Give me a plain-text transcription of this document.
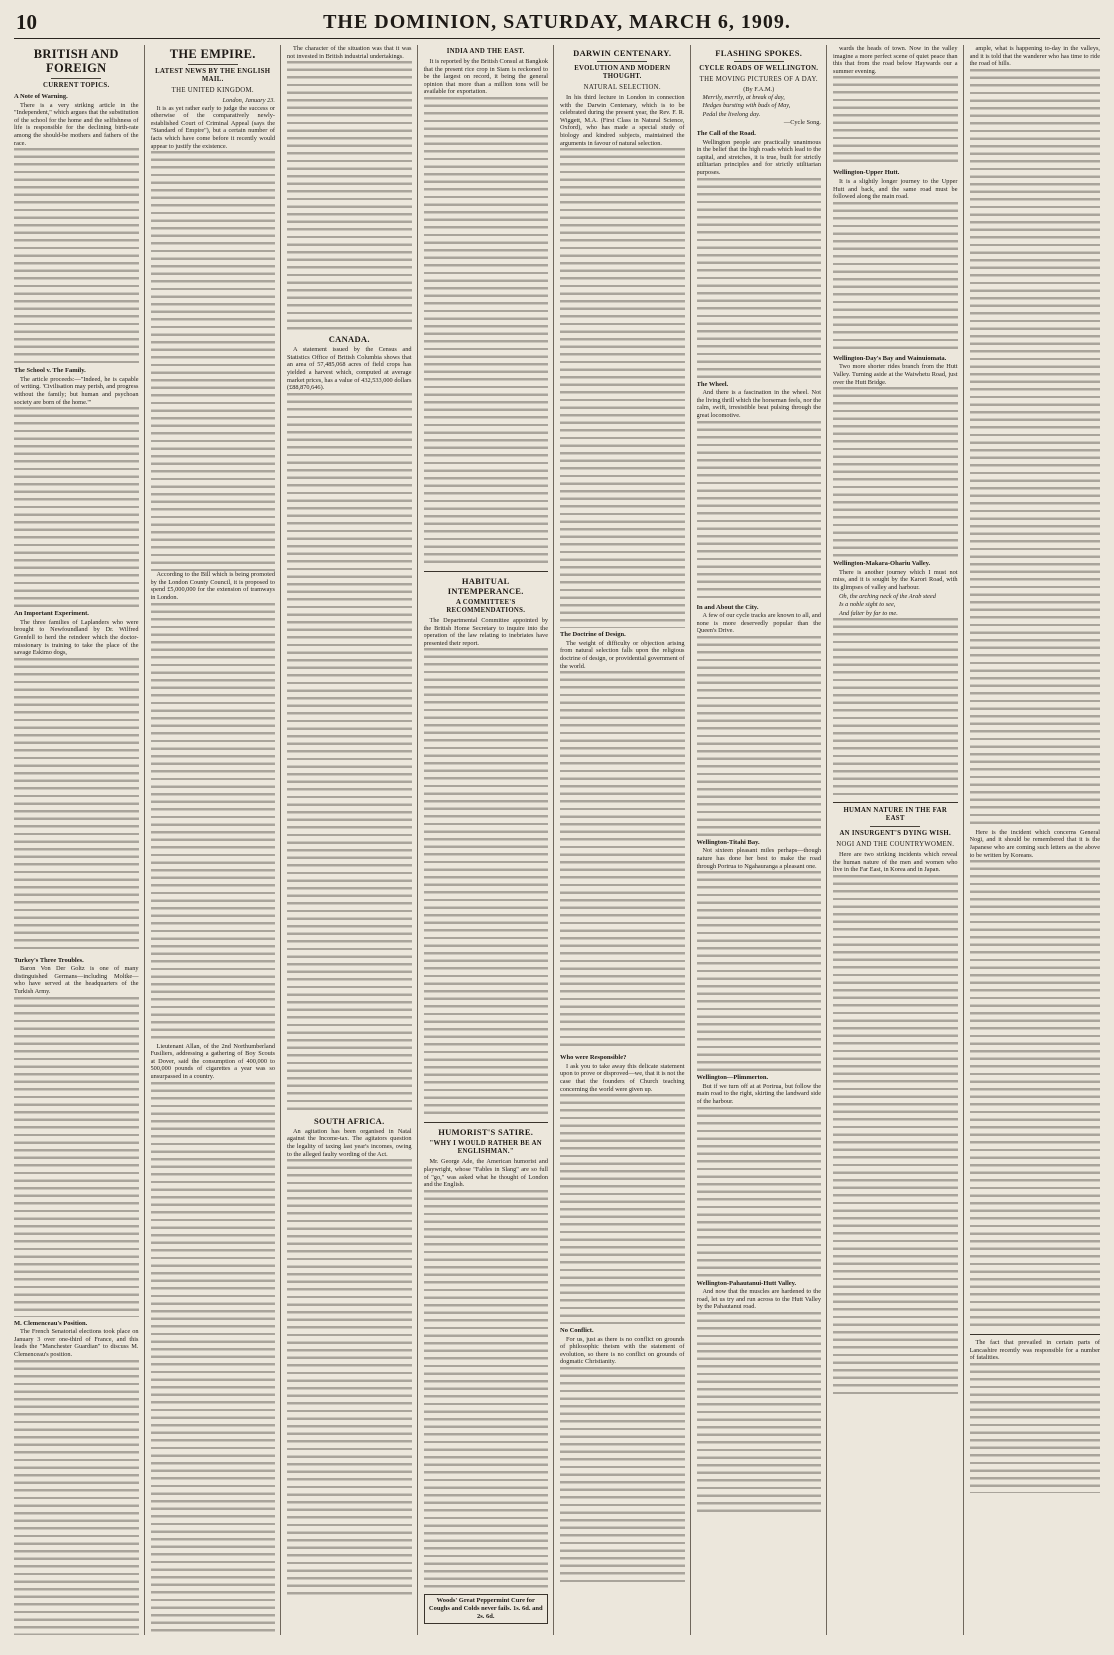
10	THE DOMINION, SATURDAY, MARCH 6, 1909.
BRITISH AND FOREIGN
CURRENT TOPICS.
A Note of Warning.

There is a very striking article in the "Independent," which argues that the substitution of the school for the home and the selfishness of life is responsible for the declining birth-rate among the should-be mothers and fathers of the race.

The School v. The Family.

The article proceeds:—"Indeed, he is capable of writing. 'Civilisation may perish, and progress without the family; but human and psychoan society are born of the home.'"

An Important Experiment.

The three families of Laplanders who were brought to Newfoundland by Dr. Wilfred Grenfell to herd the reindeer which the doctor-missionary is training to take the place of the savage Eskimo dogs,

Turkey's Three Troubles.

Baron Von Der Goltz is one of many distinguished Germans—including Moltke—who have served at the headquarters of the Turkish Army.

M. Clemenceau's Position.

The French Senatorial elections took place on January 3 over one-third of France, and this leads the "Manchester Guardian" to discuss M. Clemenceau's position.

THE EMPIRE.
LATEST NEWS BY THE ENGLISH MAIL.
THE UNITED KINGDOM.
London, January 23.

It is as yet rather early to judge the success or otherwise of the comparatively newly-established Court of Criminal Appeal (says the "Standard of Empire"), but a certain number of facts which have come before it recently would appear to justify the existence.

According to the Bill which is being promoted by the London County Council, it is proposed to spend £5,000,000 for the extension of tramways in London.

Lieutenant Allan, of the 2nd Northumberland Fusiliers, addressing a gathering of Boy Scouts at Dover, said the consumption of 400,000 to 500,000 pounds of cigarettes a year was so unsurpassed in a country.

The character of the situation was that it was not invested in British industrial undertakings.

CANADA.

A statement issued by the Census and Statistics Office of British Columbia shows that an area of 57,485,068 acres of field crops has yielded a harvest which, computed at average market prices, has a value of 432,533,000 dollars (£88,870,646).

SOUTH AFRICA.

An agitation has been organised in Natal against the Income-tax. The agitators question the legality of taxing last year's incomes, owing to the alleged faulty wording of the Act.

INDIA AND THE EAST.

It is reported by the British Consul at Bangkok that the present rice crop in Siam is reckoned to be the largest on record, it being the general opinion that more than a million tons will be available for exportation.

HABITUAL INTEMPERANCE.
A COMMITTEE'S RECOMMENDATIONS.

The Departmental Committee appointed by the British Home Secretary to inquire into the operation of the law relating to inebriates have presented their report.

HUMORIST'S SATIRE.
"WHY I WOULD RATHER BE AN ENGLISHMAN."

Mr. George Ade, the American humorist and playwright, whose "Fables in Slang" are so full of "go," was asked what he thought of London and the English.

Woods' Great Peppermint Cure for Coughs and Colds never fails. 1s. 6d. and 2s. 6d.
DARWIN CENTENARY.
EVOLUTION AND MODERN THOUGHT.
NATURAL SELECTION.

In his third lecture in London in connection with the Darwin Centenary, which is to be celebrated during the present year, the Rev. F. R. Wiggett, M.A. (First Class in Natural Science, Oxford), who has made a special study of biology and kindred subjects, maintained the arguments in favour of natural selection.

The Doctrine of Design.

The weight of difficulty or objection arising from natural selection falls upon the religious doctrine of design, or providential government of the world.

Who were Responsible?

I ask you to take away this delicate statement upon to prove or disproved—we, that it is not the case that the founders of Church teaching concerning the world were given up.

No Conflict.

For us, just as there is no conflict on grounds of philosophic theism with the statement of evolution, so there is no conflict on grounds of dogmatic Christianity.

FLASHING SPOKES.
CYCLE ROADS OF WELLINGTON.
THE MOVING PICTURES OF A DAY.
(By F.A.M.)

Merrily, merrily, at break of day,

Hedges bursting with buds of May,

Pedal the livelong day.

—Cycle Song.
The Call of the Road.

Wellington people are practically unanimous in the belief that the high roads which lead to the capital, and stretches, it is true, built for strictly utilitarian principles and for strictly utilitarian purposes.

The Wheel.

And there is a fascination in the wheel. Not the living thrill which the horseman feels, nor the calm, swift, irresistible beat pulsing through the great locomotive.

In and About the City.

A few of our cycle tracks are known to all, and none is more deservedly popular than the Queen's Drive.

Wellington-Titahi Bay.

Not sixteen pleasant miles perhaps—though nature has done her best to make the road through Porirua to Ngahauranga a pleasant one.

Wellington—Plimmerton.

But if we turn off at at Porirua, but follow the main road to the right, skirting the landward side of the harbour.

Wellington-Pahautanui-Hutt Valley.

And now that the muscles are hardened to the road, let us try and run across to the Hutt Valley by the Pahautanui road.

wards the heads of town. Now in the valley imagine a more perfect scene of quiet peace than this that from the road below Haywards our a summer evening.

Wellington-Upper Hutt.

It is a slightly longer journey to the Upper Hutt and back, and the same road must be followed along the main road.

Wellington-Day's Bay and Wainuiomata.

Two more shorter rides branch from the Hutt Valley. Turning aside at the Waiwhetu Road, just over the Hutt Bridge.

Wellington-Makara-Ohariu Valley.

There is another journey which I must not miss, and it is sought by the Karori Road, with its glimpses of valley and harbour.

Oh, the arching neck of the Arab steed

Is a noble sight to see,

And falter by far to me.

HUMAN NATURE IN THE FAR EAST
AN INSURGENT'S DYING WISH.
NOGI AND THE COUNTRYWOMEN.

Here are two striking incidents which reveal the human nature of the men and women who live in the Far East, in Korea and in Japan.

ample, what is happening to-day in the valleys, and it is told that the wanderer who has time to ride the road of hills.

Here is the incident which concerns General Nogi, and it should be remembered that it is the Japanese who are coming such letters as the above to be written by Koreans.

The fact that prevailed in certain parts of Lancashire recently was responsible for a number of fatalities.
